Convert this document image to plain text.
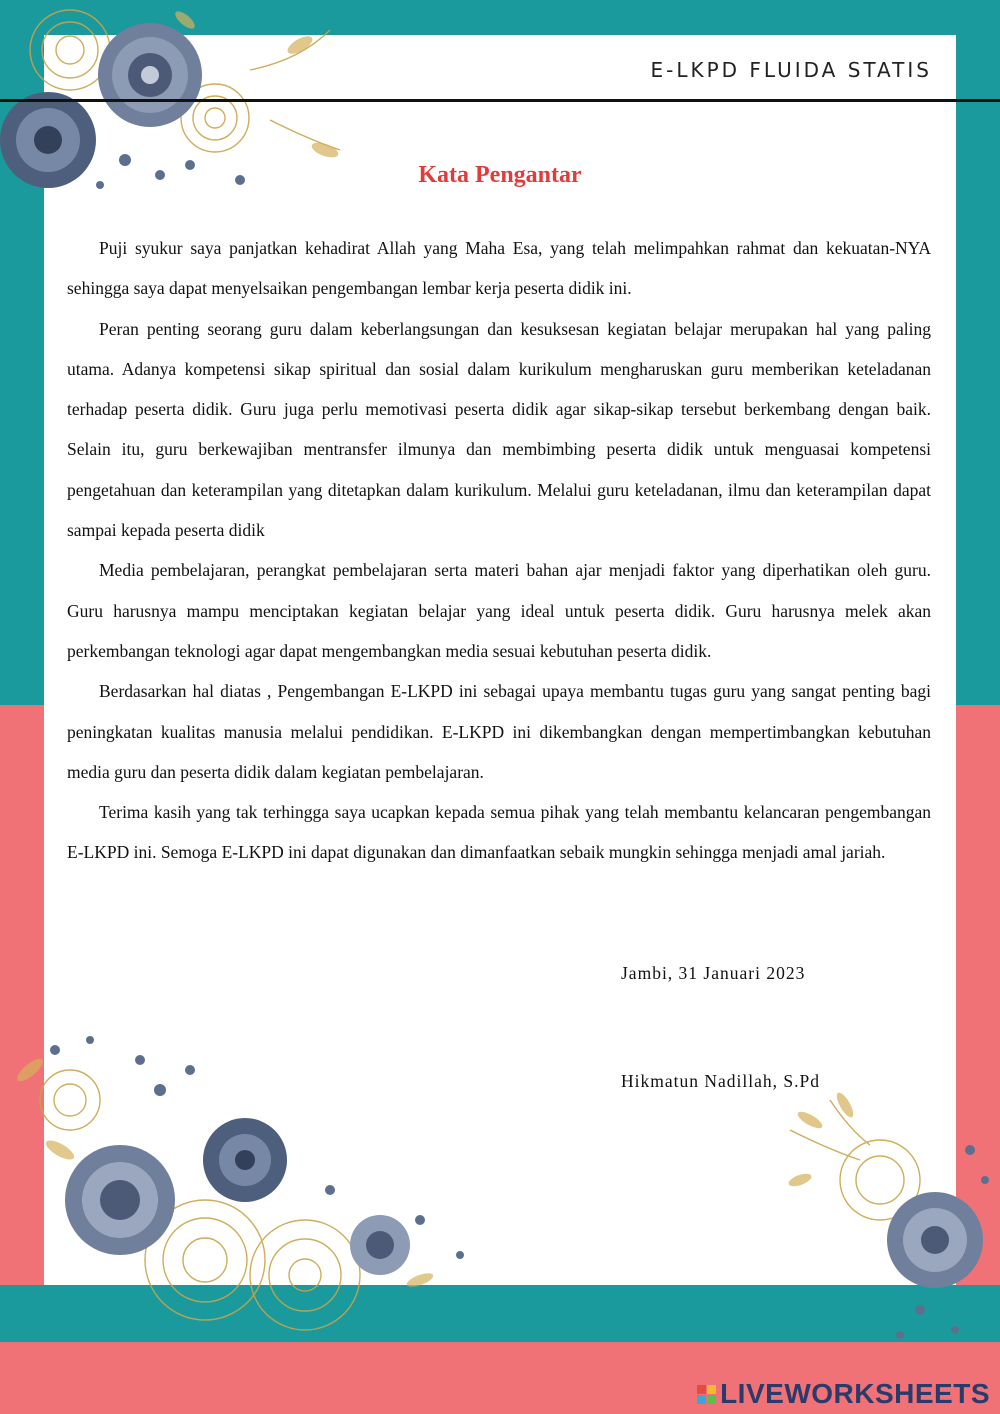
E-LKPD FLUIDA STATIS
Kata Pengantar

Puji syukur saya panjatkan kehadirat Allah yang Maha Esa, yang telah melimpahkan rahmat dan kekuatan-NYA sehingga saya dapat menyelsaikan pengembangan lembar kerja peserta didik ini.

Peran penting seorang guru dalam keberlangsungan dan kesuksesan kegiatan belajar merupakan hal yang paling utama. Adanya kompetensi sikap spiritual dan sosial dalam kurikulum mengharuskan guru memberikan keteladanan terhadap peserta didik. Guru juga perlu memotivasi peserta didik agar sikap-sikap tersebut berkembang dengan baik. Selain itu, guru berkewajiban mentransfer ilmunya dan membimbing peserta didik untuk menguasai kompetensi pengetahuan dan keterampilan yang ditetapkan dalam kurikulum. Melalui guru keteladanan, ilmu dan keterampilan dapat sampai kepada peserta didik

Media pembelajaran, perangkat pembelajaran serta materi bahan ajar menjadi faktor yang diperhatikan oleh guru. Guru harusnya mampu menciptakan kegiatan belajar yang ideal untuk peserta didik. Guru harusnya melek akan perkembangan teknologi agar dapat mengembangkan media sesuai kebutuhan peserta didik.

Berdasarkan hal diatas , Pengembangan E-LKPD ini sebagai upaya membantu tugas guru yang sangat penting bagi peningkatan kualitas manusia melalui pendidikan. E-LKPD ini dikembangkan dengan mempertimbangkan kebutuhan media guru dan peserta didik dalam kegiatan pembelajaran.

Terima kasih yang tak terhingga saya ucapkan kepada semua pihak yang telah membantu kelancaran pengembangan E-LKPD ini. Semoga E-LKPD ini dapat digunakan dan dimanfaatkan sebaik mungkin sehingga menjadi amal jariah.

Jambi, 31 Januari 2023
Hikmatun Nadillah, S.Pd
LIVEWORKSHEETS
